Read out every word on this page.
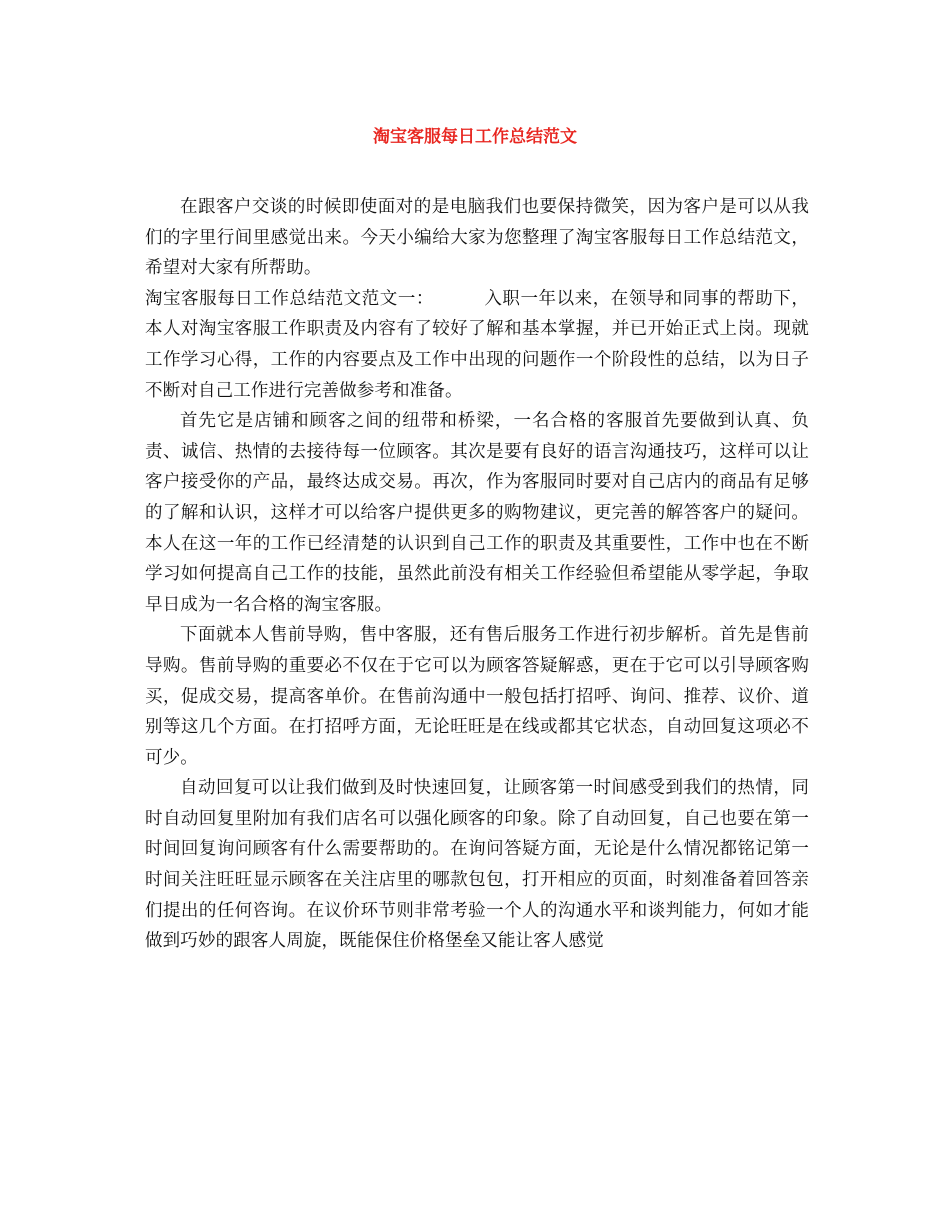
淘宝客服每日工作总结范文

在跟客户交谈的时候即使面对的是电脑我们也要保持微笑，因为客户是可以从我们的字里行间里感觉出来。今天小编给大家为您整理了淘宝客服每日工作总结范文，希望对大家有所帮助。

淘宝客服每日工作总结范文范文一：	入职一年以来，在领导和同事的帮助下，本人对淘宝客服工作职责及内容有了较好了解和基本掌握，并已开始正式上岗。现就工作学习心得，工作的内容要点及工作中出现的问题作一个阶段性的总结，以为日子不断对自己工作进行完善做参考和准备。

首先它是店铺和顾客之间的纽带和桥梁，一名合格的客服首先要做到认真、负责、诚信、热情的去接待每一位顾客。其次是要有良好的语言沟通技巧，这样可以让客户接受你的产品，最终达成交易。再次，作为客服同时要对自己店内的商品有足够的了解和认识，这样才可以给客户提供更多的购物建议，更完善的解答客户的疑问。本人在这一年的工作已经清楚的认识到自己工作的职责及其重要性，工作中也在不断学习如何提高自己工作的技能，虽然此前没有相关工作经验但希望能从零学起，争取早日成为一名合格的淘宝客服。

下面就本人售前导购，售中客服，还有售后服务工作进行初步解析。首先是售前导购。售前导购的重要必不仅在于它可以为顾客答疑解惑，更在于它可以引导顾客购买，促成交易，提高客单价。在售前沟通中一般包括打招呼、询问、推荐、议价、道别等这几个方面。在打招呼方面，无论旺旺是在线或都其它状态，自动回复这项必不可少。

自动回复可以让我们做到及时快速回复，让顾客第一时间感受到我们的热情，同时自动回复里附加有我们店名可以强化顾客的印象。除了自动回复，自己也要在第一时间回复询问顾客有什么需要帮助的。在询问答疑方面，无论是什么情况都铭记第一时间关注旺旺显示顾客在关注店里的哪款包包，打开相应的页面，时刻准备着回答亲们提出的任何咨询。在议价环节则非常考验一个人的沟通水平和谈判能力，何如才能做到巧妙的跟客人周旋，既能保住价格堡垒又能让客人感觉
